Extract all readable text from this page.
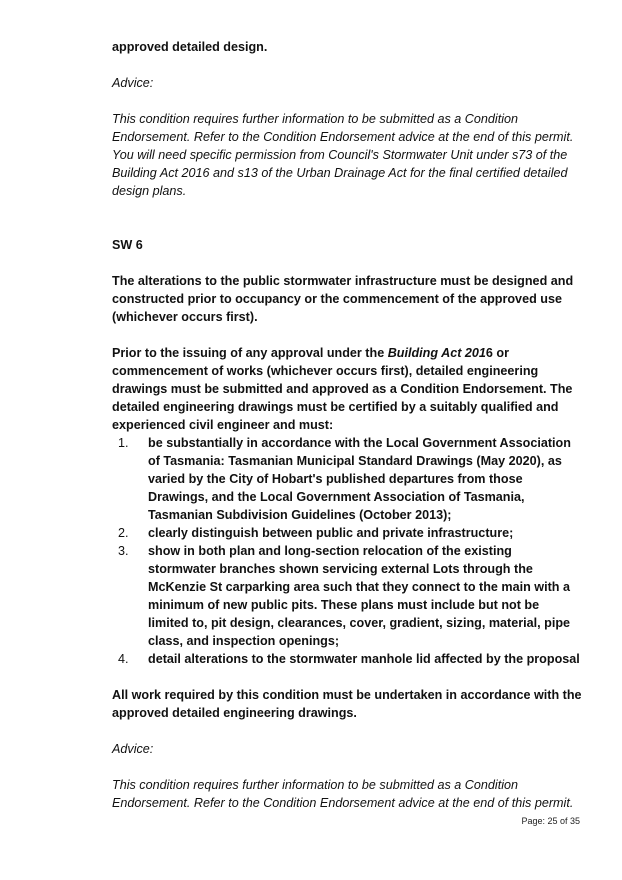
approved detailed design.

Advice:

This condition requires further information to be submitted as a Condition Endorsement. Refer to the Condition Endorsement advice at the end of this permit. You will need specific permission from Council's Stormwater Unit under s73 of the Building Act 2016 and s13 of the Urban Drainage Act for the final certified detailed design plans.

SW 6

The alterations to the public stormwater infrastructure must be designed and constructed prior to occupancy or the commencement of the approved use (whichever occurs first).

Prior to the issuing of any approval under the Building Act 2016 or commencement of works (whichever occurs first), detailed engineering drawings must be submitted and approved as a Condition Endorsement. The detailed engineering drawings must be certified by a suitably qualified and experienced civil engineer and must:

1. be substantially in accordance with the Local Government Association of Tasmania: Tasmanian Municipal Standard Drawings (May 2020), as varied by the City of Hobart's published departures from those Drawings, and the Local Government Association of Tasmania, Tasmanian Subdivision Guidelines (October 2013);
2. clearly distinguish between public and private infrastructure;
3. show in both plan and long-section relocation of the existing stormwater branches shown servicing external Lots through the McKenzie St carparking area such that they connect to the main with a minimum of new public pits. These plans must include but not be limited to, pit design, clearances, cover, gradient, sizing, material, pipe class, and inspection openings;
4. detail alterations to the stormwater manhole lid affected by the proposal

All work required by this condition must be undertaken in accordance with the approved detailed engineering drawings.

Advice:

This condition requires further information to be submitted as a Condition Endorsement. Refer to the Condition Endorsement advice at the end of this permit.

Page: 25 of 35
